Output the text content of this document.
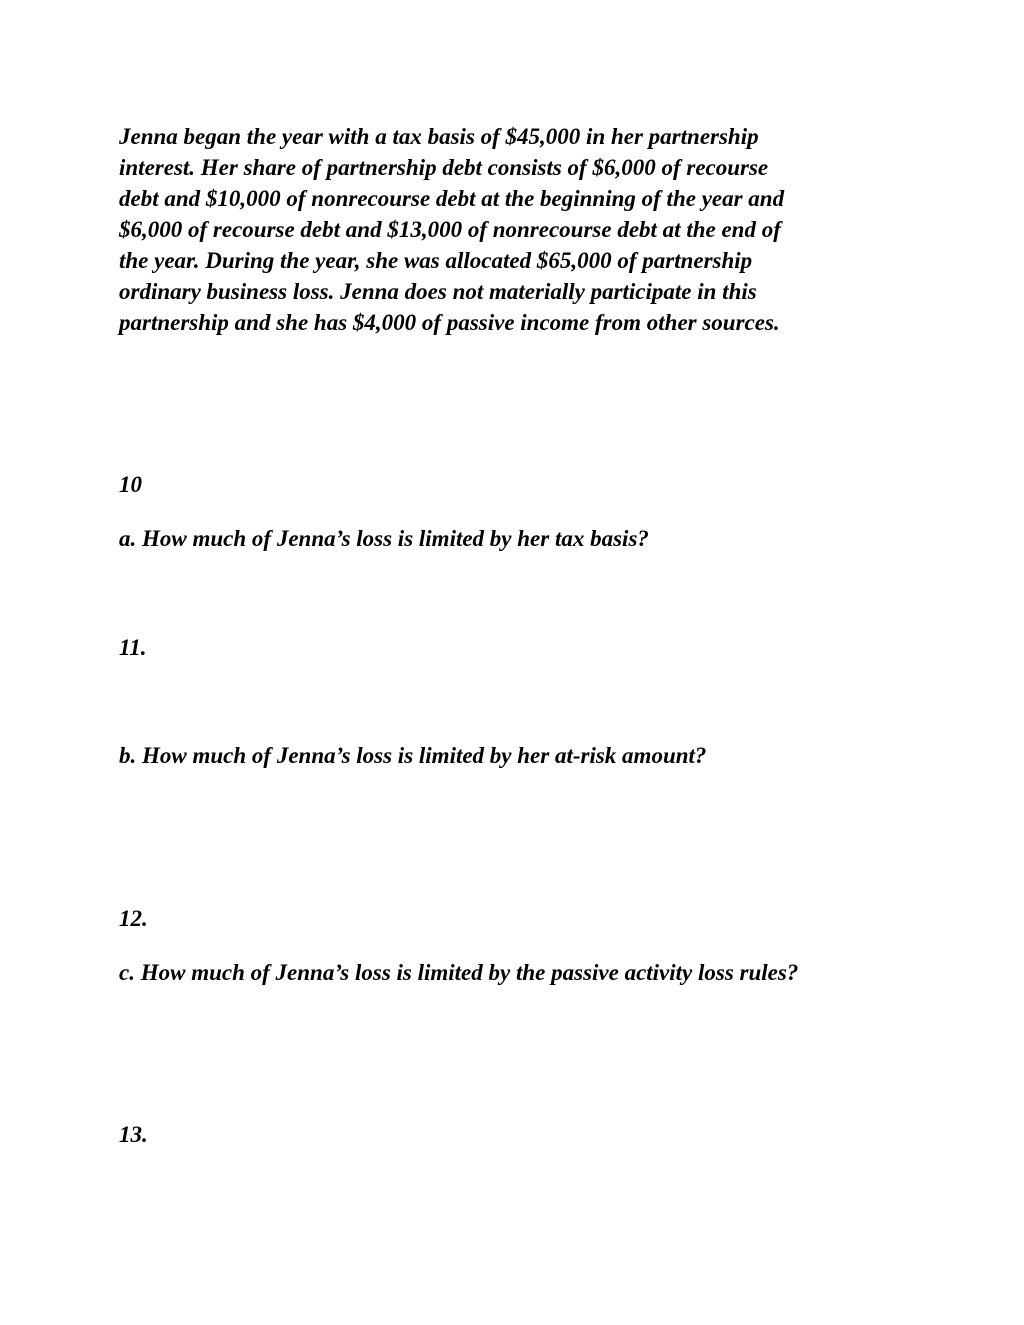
Jenna began the year with a tax basis of $45,000 in her partnership
interest. Her share of partnership debt consists of $6,000 of recourse
debt and $10,000 of nonrecourse debt at the beginning of the year and
$6,000 of recourse debt and $13,000 of nonrecourse debt at the end of
the year. During the year, she was allocated $65,000 of partnership
ordinary business loss. Jenna does not materially participate in this
partnership and she has $4,000 of passive income from other sources.

10

a. How much of Jenna’s loss is limited by her tax basis?

11.

b. How much of Jenna’s loss is limited by her at-risk amount?

12.

c. How much of Jenna’s loss is limited by the passive activity loss rules?

13.
